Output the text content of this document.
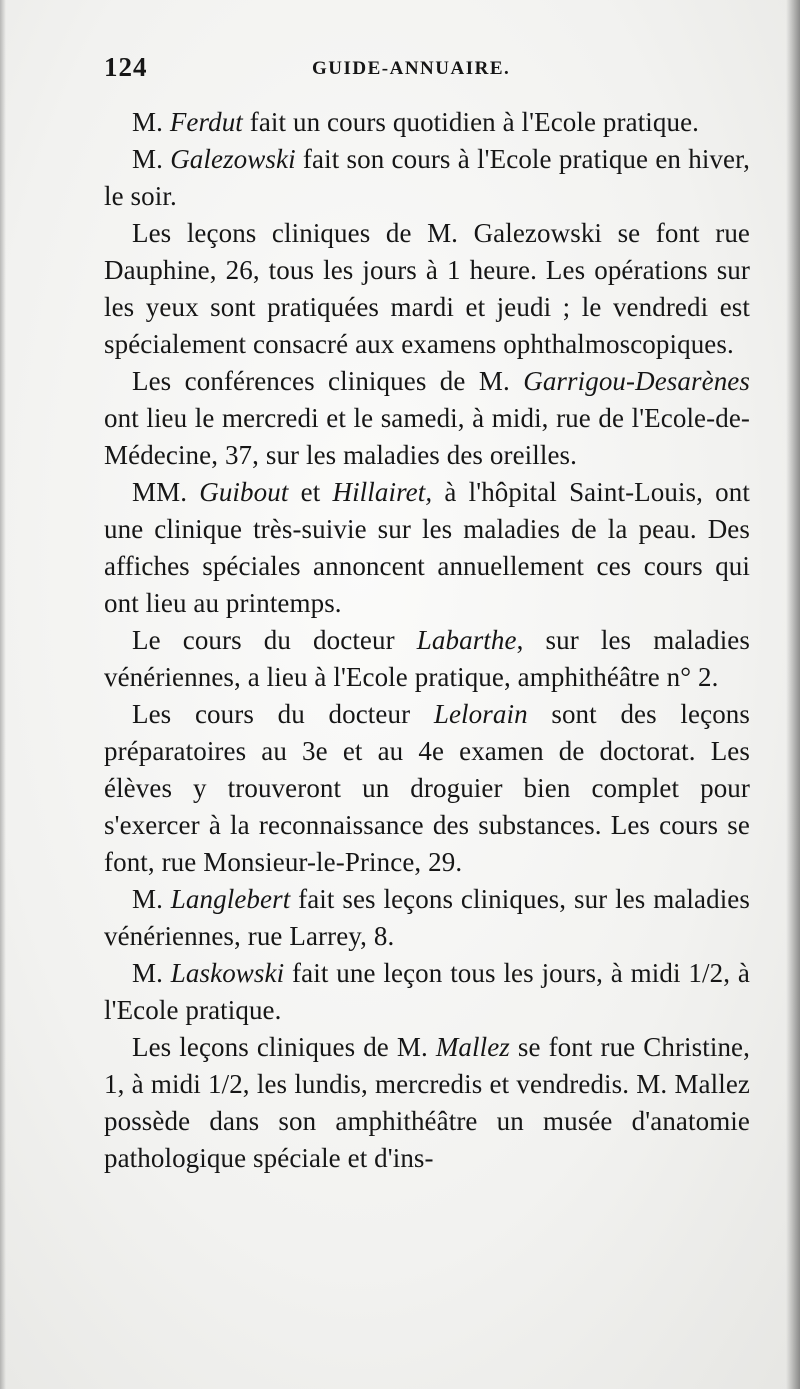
124	GUIDE-ANNUAIRE.

M. Ferdut fait un cours quotidien à l'Ecole pratique.

M. Galezowski fait son cours à l'Ecole pratique en hiver, le soir.

Les leçons cliniques de M. Galezowski se font rue Dauphine, 26, tous les jours à 1 heure. Les opérations sur les yeux sont pratiquées mardi et jeudi ; le vendredi est spécialement consacré aux examens ophthalmoscopiques.

Les conférences cliniques de M. Garrigou-Desarènes ont lieu le mercredi et le samedi, à midi, rue de l'Ecole-de-Médecine, 37, sur les maladies des oreilles.

MM. Guibout et Hillairet, à l'hôpital Saint-Louis, ont une clinique très-suivie sur les maladies de la peau. Des affiches spéciales annoncent annuellement ces cours qui ont lieu au printemps.

Le cours du docteur Labarthe, sur les maladies vénériennes, a lieu à l'Ecole pratique, amphithéâtre n° 2.

Les cours du docteur Lelorain sont des leçons préparatoires au 3e et au 4e examen de doctorat. Les élèves y trouveront un droguier bien complet pour s'exercer à la reconnaissance des substances. Les cours se font, rue Monsieur-le-Prince, 29.

M. Langlebert fait ses leçons cliniques, sur les maladies vénériennes, rue Larrey, 8.

M. Laskowski fait une leçon tous les jours, à midi 1/2, à l'Ecole pratique.

Les leçons cliniques de M. Mallez se font rue Christine, 1, à midi 1/2, les lundis, mercredis et vendredis. M. Mallez possède dans son amphithéâtre un musée d'anatomie pathologique spéciale et d'ins-
